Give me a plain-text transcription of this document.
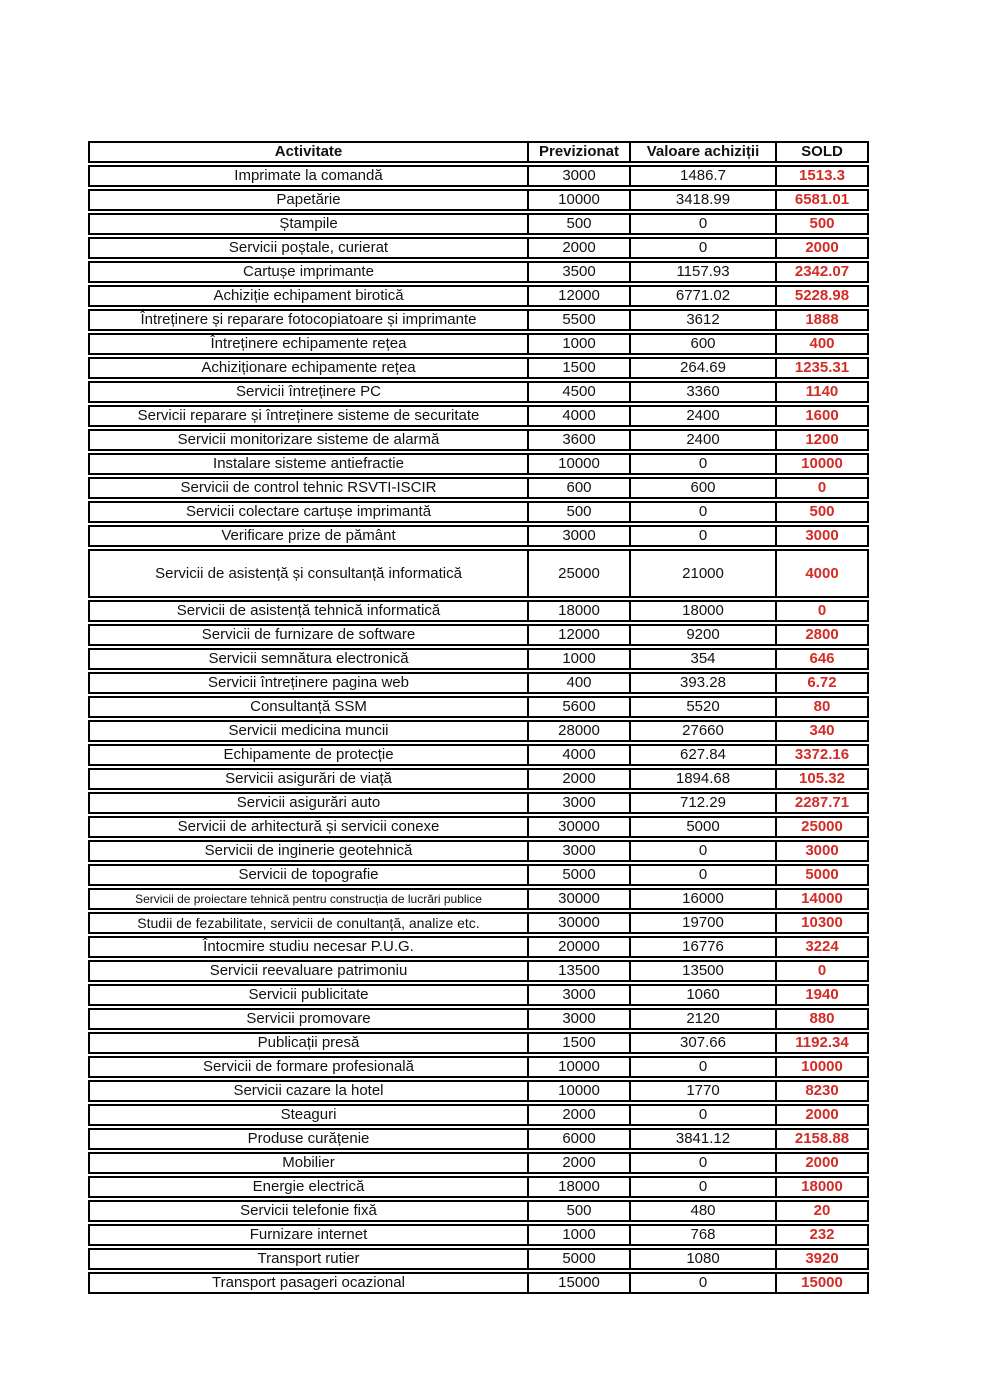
Activitate	Previzionat	Valoare achiziții	SOLD
Imprimate la comandă	3000	1486.7	1513.3
Papetărie	10000	3418.99	6581.01
Ștampile	500	0	500
Servicii poștale, curierat	2000	0	2000
Cartușe imprimante	3500	1157.93	2342.07
Achiziție echipament birotică	12000	6771.02	5228.98
Întreținere și reparare fotocopiatoare și imprimante	5500	3612	1888
Întreținere echipamente rețea	1000	600	400
Achiziționare echipamente rețea	1500	264.69	1235.31
Servicii întreținere PC	4500	3360	1140
Servicii reparare și întreținere sisteme de securitate	4000	2400	1600
Servicii monitorizare sisteme de alarmă	3600	2400	1200
Instalare sisteme antiefractie	10000	0	10000
Servicii de control tehnic RSVTI-ISCIR	600	600	0
Servicii colectare cartușe imprimantă	500	0	500
Verificare prize de pământ	3000	0	3000
Servicii de asistență și consultanță informatică	25000	21000	4000
Servicii de asistență tehnică informatică	18000	18000	0
Servicii de furnizare de software	12000	9200	2800
Servicii semnătura electronică	1000	354	646
Servicii întreținere pagina web	400	393.28	6.72
Consultanță SSM	5600	5520	80
Servicii medicina muncii	28000	27660	340
Echipamente de protecție	4000	627.84	3372.16
Servicii asigurări de viață	2000	1894.68	105.32
Servicii asigurări auto	3000	712.29	2287.71
Servicii de arhitectură și servicii conexe	30000	5000	25000
Servicii de inginerie geotehnică	3000	0	3000
Servicii de topografie	5000	0	5000
Servicii de proiectare tehnică pentru construcția de lucrări publice	30000	16000	14000
Studii de fezabilitate, servicii de conultanță, analize etc.	30000	19700	10300
Întocmire studiu necesar P.U.G.	20000	16776	3224
Servicii reevaluare patrimoniu	13500	13500	0
Servicii publicitate	3000	1060	1940
Servicii promovare	3000	2120	880
Publicații presă	1500	307.66	1192.34
Servicii de formare profesională	10000	0	10000
Servicii cazare la hotel	10000	1770	8230
Steaguri	2000	0	2000
Produse curățenie	6000	3841.12	2158.88
Mobilier	2000	0	2000
Energie electrică	18000	0	18000
Servicii telefonie fixă	500	480	20
Furnizare internet	1000	768	232
Transport rutier	5000	1080	3920
Transport pasageri ocazional	15000	0	15000
